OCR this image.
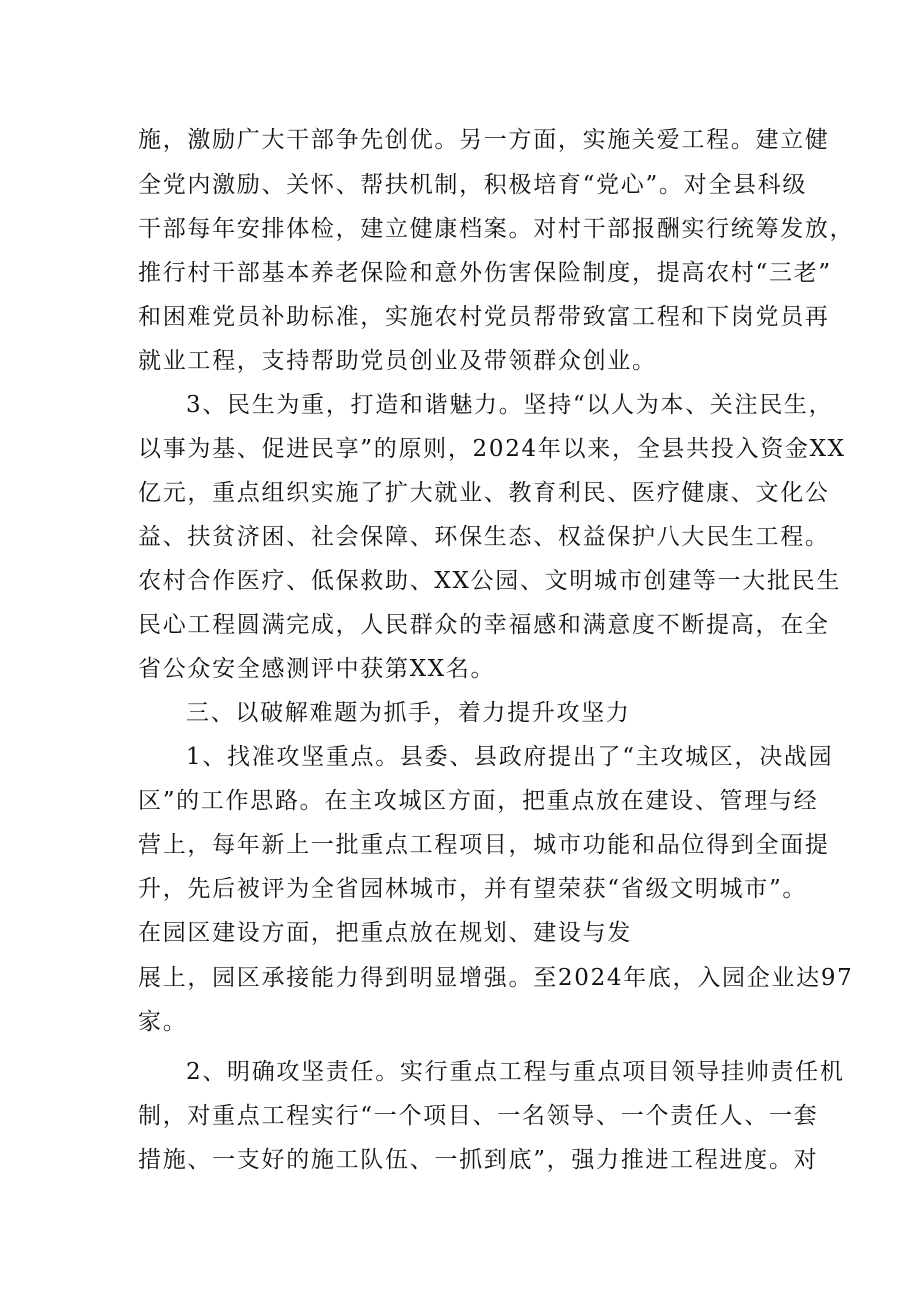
施，激励广大干部争先创优。另一方面，实施关爱工程。建立健
全党内激励、关怀、帮扶机制，积极培育“党心”。对全县科级
干部每年安排体检，建立健康档案。对村干部报酬实行统筹发放，
推行村干部基本养老保险和意外伤害保险制度，提高农村“三老”
和困难党员补助标准，实施农村党员帮带致富工程和下岗党员再
就业工程，支持帮助党员创业及带领群众创业。
3、民生为重，打造和谐魅力。坚持“以人为本、关注民生，
以事为基、促进民享”的原则，2024年以来，全县共投入资金XX
亿元，重点组织实施了扩大就业、教育利民、医疗健康、文化公
益、扶贫济困、社会保障、环保生态、权益保护八大民生工程。
农村合作医疗、低保救助、XX公园、文明城市创建等一大批民生
民心工程圆满完成，人民群众的幸福感和满意度不断提高，在全
省公众安全感测评中获第XX名。
三、以破解难题为抓手，着力提升攻坚力
1、找准攻坚重点。县委、县政府提出了“主攻城区，决战园
区”的工作思路。在主攻城区方面，把重点放在建设、管理与经
营上，每年新上一批重点工程项目，城市功能和品位得到全面提
升，先后被评为全省园林城市，并有望荣获“省级文明城市”。
在园区建设方面，把重点放在规划、建设与发
展上，园区承接能力得到明显增强。至2024年底，入园企业达97
家。
2、明确攻坚责任。实行重点工程与重点项目领导挂帅责任机
制，对重点工程实行“一个项目、一名领导、一个责任人、一套
措施、一支好的施工队伍、一抓到底”，强力推进工程进度。对
